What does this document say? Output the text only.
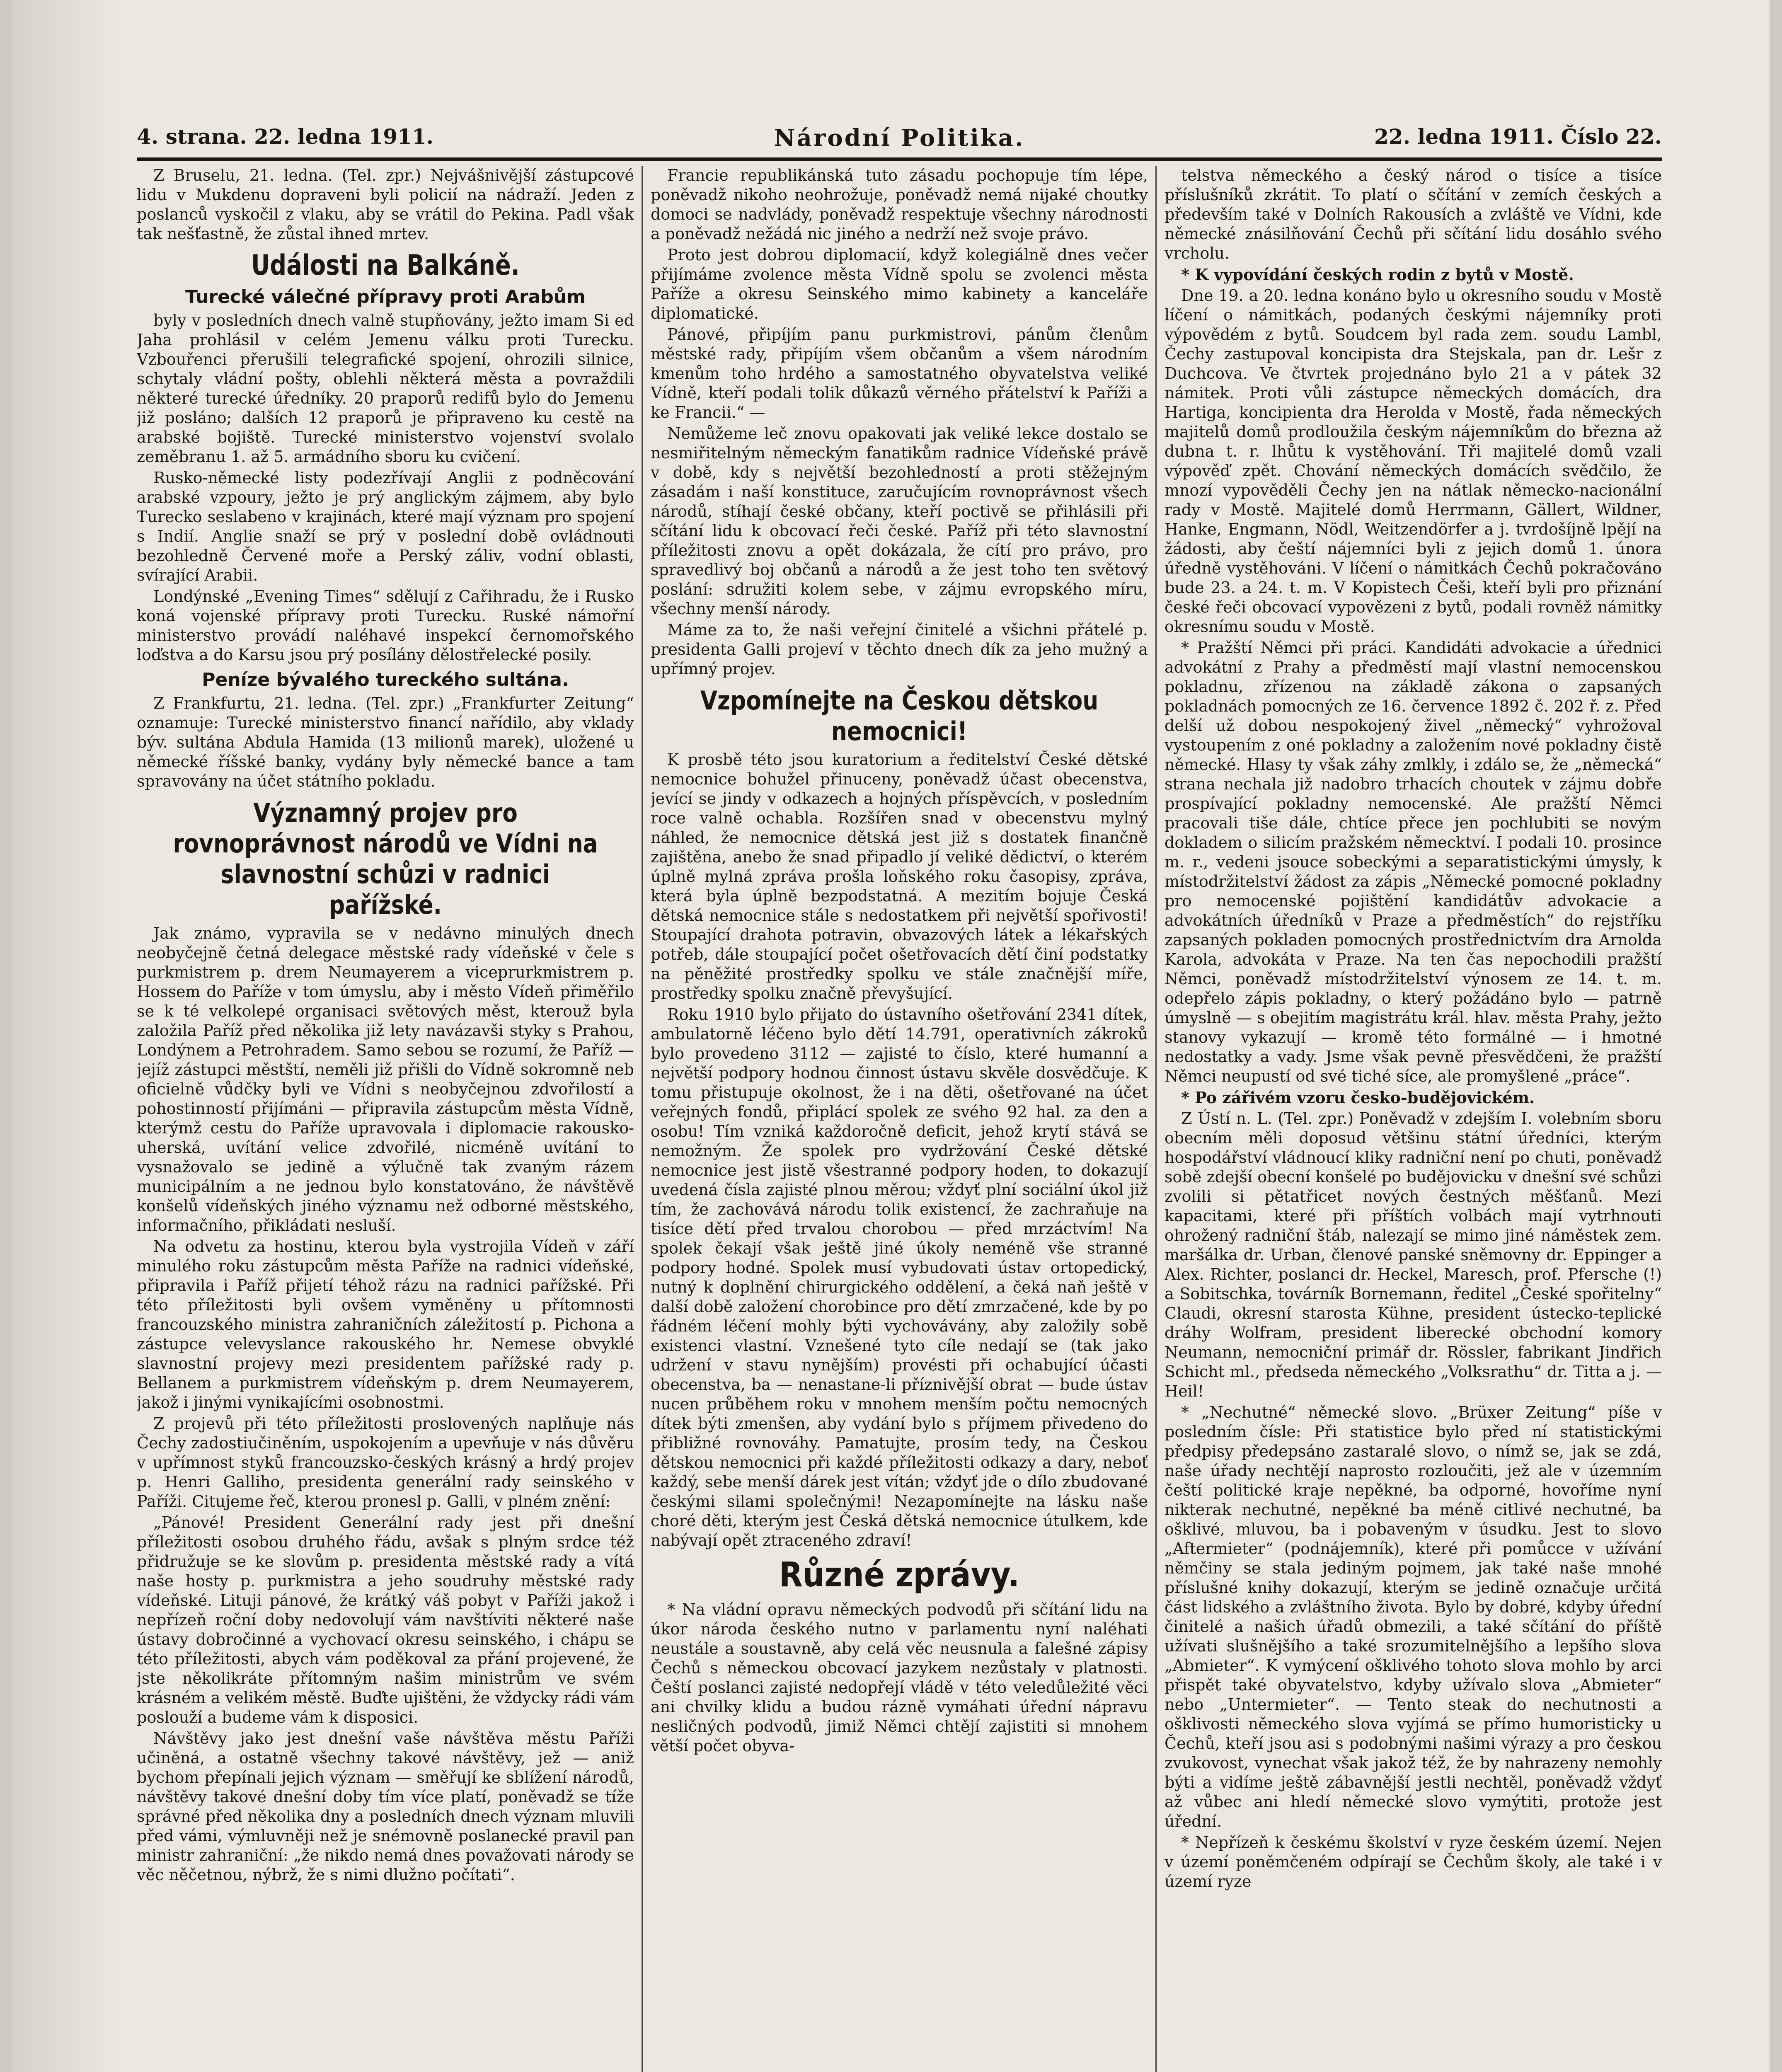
4. strana. 22. ledna 1911.	Národní Politika.	22. ledna 1911. Číslo 22.

Z Bruselu, 21. ledna. (Tel. zpr.) Nejvášnivější zástupcové lidu v Mukdenu dopraveni byli policií na nádraží. Jeden z poslanců vyskočil z vlaku, aby se vrátil do Pekina. Padl však tak nešťastně, že zůstal ihned mrtev.

Události na Balkáně.
Turecké válečné přípravy proti Arabům

byly v posledních dnech valně stupňovány, ježto imam Si ed Jaha prohlásil v celém Jemenu válku proti Turecku. Vzbouřenci přerušili telegrafické spojení, ohrozili silnice, schytaly vládní pošty, oblehli některá města a povraždili některé turecké úředníky. 20 praporů redifů bylo do Jemenu již posláno; dalších 12 praporů je připraveno ku cestě na arabské bojiště. Turecké ministerstvo vojenství svolalo zeměbranu 1. až 5. armádního sboru ku cvičení.

Rusko-německé listy podezřívají Anglii z podněcování arabské vzpoury, ježto je prý anglickým zájmem, aby bylo Turecko seslabeno v krajinách, které mají význam pro spojení s Indií. Anglie snaží se prý v poslední době ovládnouti bezohledně Červené moře a Perský záliv, vodní oblasti, svírající Arabii.

Londýnské „Evening Times“ sdělují z Cařihradu, že i Rusko koná vojenské přípravy proti Turecku. Ruské námořní ministerstvo provádí naléhavé inspekcí černomořského loďstva a do Karsu jsou prý posílány dělostřelecké posily.

Peníze bývalého tureckého sultána.

Z Frankfurtu, 21. ledna. (Tel. zpr.) „Frankfurter Zeitung“ oznamuje: Turecké ministerstvo financí nařídilo, aby vklady býv. sultána Abdula Hamida (13 milionů marek), uložené u německé říšské banky, vydány byly německé bance a tam spravovány na účet státního pokladu.

Významný projev pro rovnoprávnost národů ve Vídni na slavnostní schůzi v radnici pařížské.

Jak známo, vypravila se v nedávno minulých dnech neobyčejně četná delegace městské rady vídeňské v čele s purkmistrem p. drem Neumayerem a viceprurkmistrem p. Hossem do Paříže v tom úmyslu, aby i město Vídeň přiměřilo se k té velkolepé organisaci světových měst, kterouž byla založila Paříž před několika již lety navázavši styky s Prahou, Londýnem a Petrohradem. Samo sebou se rozumí, že Paříž — jejíž zástupci městští, neměli již přišli do Vídně sokromně neb oficielně vůdčky byli ve Vídni s neobyčejnou zdvořilostí a pohostinností přijímáni — připravila zástupcům města Vídně, kterýmž cestu do Paříže upravovala i diplomacie rakousko-uherská, uvítání velice zdvořilé, nicméně uvítání to vysnažovalo se jedině a výlučně tak zvaným rázem municipálním a ne jednou bylo konstatováno, že návštěvě konšelů vídeňských jiného významu než odborné městského, informačního, přikládati nesluší.

Na odvetu za hostinu, kterou byla vystrojila Vídeň v září minulého roku zástupcům města Paříže na radnici vídeňské, připravila i Paříž přijetí téhož rázu na radnici pařížské. Při této příležitosti byli ovšem vyměněny u přítomnosti francouzského ministra zahraničních záležitostí p. Pichona a zástupce velevyslance rakouského hr. Nemese obvyklé slavnostní projevy mezi presidentem pařížské rady p. Bellanem a purkmistrem vídeňským p. drem Neumayerem, jakož i jinými vynikajícími osobnostmi.

Z projevů při této příležitosti proslovených naplňuje nás Čechy zadostiučiněním, uspokojením a upevňuje v nás důvěru v upřímnost styků francouzsko-českých krásný a hrdý projev p. Henri Galliho, presidenta generální rady seinského v Paříži. Citujeme řeč, kterou pronesl p. Galli, v plném znění:

„Pánové! President Generální rady jest při dnešní příležitosti osobou druhého řádu, avšak s plným srdce též přidružuje se ke slovům p. presidenta městské rady a vítá naše hosty p. purkmistra a jeho soudruhy městské rady vídeňské. Lituji pánové, že krátký váš pobyt v Paříži jakož i nepřízeň roční doby nedovolují vám navštíviti některé naše ústavy dobročinné a vychovací okresu seinského, i chápu se této příležitosti, abych vám poděkoval za přání projevené, že jste několikráte přítomným našim ministrům ve svém krásném a velikém městě. Buďte ujištěni, že vždycky rádi vám poslouží a budeme vám k disposici.

Návštěvy jako jest dnešní vaše návštěva městu Paříži učiněná, a ostatně všechny takové návštěvy, jež — aniž bychom přepínali jejich význam — směřují ke sblížení národů, návštěvy takové dnešní doby tím více platí, poněvadž se tíže správné před několika dny a posledních dnech význam mluvili před vámi, výmluvněji než je snémovně poslanecké pravil pan ministr zahraniční: „že nikdo nemá dnes považovati národy se věc něčetnou, nýbrž, že s nimi dlužno počítati“.

Francie republikánská tuto zásadu pochopuje tím lépe, poněvadž nikoho neohrožuje, poněvadž nemá nijaké choutky domoci se nadvlády, poněvadž respektuje všechny národnosti a poněvadž nežádá nic jiného a nedrží než svoje právo.

Proto jest dobrou diplomacií, když kolegiálně dnes večer přijímáme zvolence města Vídně spolu se zvolenci města Paříže a okresu Seinského mimo kabinety a kanceláře diplomatické.

Pánové, připíjím panu purkmistrovi, pánům členům městské rady, připíjím všem občanům a všem národním kmenům toho hrdého a samostatného obyvatelstva veliké Vídně, kteří podali tolik důkazů věrného přátelství k Paříži a ke Francii.“ —

Nemůžeme leč znovu opakovati jak veliké lekce dostalo se nesmiřitelným německým fanatikům radnice Vídeňské právě v době, kdy s největší bezohledností a proti stěžejným zásadám i naší konstituce, zaručujícím rovnoprávnost všech národů, stíhají české občany, kteří poctivě se přihlásili při sčítání lidu k obcovací řeči české. Paříž při této slavnostní příležitosti znovu a opět dokázala, že cítí pro právo, pro spravedlivý boj občanů a národů a že jest toho ten světový poslání: sdružiti kolem sebe, v zájmu evropského míru, všechny menší národy.

Máme za to, že naši veřejní činitelé a všichni přátelé p. presidenta Galli projeví v těchto dnech dík za jeho mužný a upřímný projev.

Vzpomínejte na Českou dětskou nemocnici!

K prosbě této jsou kuratorium a ředitelství České dětské nemocnice bohužel přinuceny, poněvadž účast obecenstva, jevící se jindy v odkazech a hojných příspěvcích, v posledním roce valně ochabla. Rozšířen snad v obecenstvu mylný náhled, že nemocnice dětská jest již s dostatek finančně zajištěna, anebo že snad připadlo jí veliké dědictví, o kterém úplně mylná zpráva prošla loňského roku časopisy, zpráva, která byla úplně bezpodstatná. A mezitím bojuje Česká dětská nemocnice stále s nedostatkem při největší spořivosti! Stoupající drahota potravin, obvazových látek a lékařských potřeb, dále stoupající počet ošetřovacích dětí činí podstatky na pěněžité prostředky spolku ve stále značnější míře, prostředky spolku značně převyšující.

Roku 1910 bylo přijato do ústavního ošetřování 2341 dítek, ambulatorně léčeno bylo dětí 14.791, operativních zákroků bylo provedeno 3112 — zajisté to číslo, které humanní a největší podpory hodnou činnost ústavu skvěle dosvědčuje. K tomu přistupuje okolnost, že i na děti, ošetřované na účet veřejných fondů, připlácí spolek ze svého 92 hal. za den a osobu! Tím vzniká každoročně deficit, jehož krytí stává se nemožným. Že spolek pro vydržování České dětské nemocnice jest jistě všestranné podpory hoden, to dokazují uvedená čísla zajisté plnou měrou; vždyť plní sociální úkol již tím, že zachovává národu tolik existencí, že zachraňuje na tisíce dětí před trvalou chorobou — před mrzáctvím! Na spolek čekají však ještě jiné úkoly neméně vše stranné podpory hodné. Spolek musí vybudovati ústav ortopedický, nutný k doplnění chirurgického oddělení, a čeká naň ještě v další době založení chorobince pro dětí zmrzačené, kde by po řádném léčení mohly býti vychovávány, aby založily sobě existenci vlastní. Vznešené tyto cíle nedají se (tak jako udržení v stavu nynějším) provésti při ochabující účasti obecenstva, ba — nenastane-li příznivější obrat — bude ústav nucen průběhem roku v mnohem menším počtu nemocných dítek býti zmenšen, aby vydání bylo s příjmem přivedeno do přibližné rovnováhy. Pamatujte, prosím tedy, na Českou dětskou nemocnici při každé příležitosti odkazy a dary, neboť každý, sebe menší dárek jest vítán; vždyť jde o dílo zbudované českými silami společnými! Nezapomínejte na lásku naše choré děti, kterým jest Česká dětská nemocnice útulkem, kde nabývají opět ztraceného zdraví!

Různé zprávy.

* Na vládní opravu německých podvodů při sčítání lidu na úkor národa českého nutno v parlamentu nyní naléhati neustále a soustavně, aby celá věc neusnula a falešné zápisy Čechů s německou obcovací jazykem nezůstaly v platnosti. Čeští poslanci zajisté nedopřejí vládě v této veledůležité věci ani chvilky klidu a budou rázně vymáhati úřední nápravu nesličných podvodů, jimiž Němci chtějí zajistiti si mnohem větší počet obyva-

telstva německého a český národ o tisíce a tisíce příslušníků zkrátit. To platí o sčítání v zemích českých a především také v Dolních Rakousích a zvláště ve Vídni, kde německé znásilňování Čechů při sčítání lidu dosáhlo svého vrcholu.

* K vypovídání českých rodin z bytů v Mostě.

Dne 19. a 20. ledna konáno bylo u okresního soudu v Mostě líčení o námitkách, podaných českými nájemníky proti výpovědém z bytů. Soudcem byl rada zem. soudu Lambl, Čechy zastupoval koncipista dra Stejskala, pan dr. Lešr z Duchcova. Ve čtvrtek projednáno bylo 21 a v pátek 32 námitek. Proti vůli zástupce německých domácích, dra Hartiga, koncipienta dra Herolda v Mostě, řada německých majitelů domů prodloužila českým nájemníkům do března až dubna t. r. lhůtu k vystěhování. Tři majitelé domů vzali výpověď zpět. Chování německých domácích svědčilo, že mnozí vypověděli Čechy jen na nátlak německo-nacionální rady v Mostě. Majitelé domů Herrmann, Gällert, Wildner, Hanke, Engmann, Nödl, Weitzendörfer a j. tvrdošíjně lpějí na žádosti, aby čeští nájemníci byli z jejich domů 1. února úředně vystěhováni. V líčení o námitkách Čechů pokračováno bude 23. a 24. t. m. V Kopistech Češi, kteří byli pro přiznání české řeči obcovací vypovězeni z bytů, podali rovněž námitky okresnímu soudu v Mostě.

* Pražští Němci při práci. Kandidáti advokacie a úřednici advokátní z Prahy a předměstí mají vlastní nemocenskou pokladnu, zřízenou na základě zákona o zapsaných pokladnách pomocných ze 16. července 1892 č. 202 ř. z. Před delší už dobou nespokojený živel „německý“ vyhrožoval vystoupením z oné pokladny a založením nové pokladny čistě německé. Hlasy ty však záhy zmlkly, i zdálo se, že „německá“ strana nechala již nadobro trhacích choutek v zájmu dobře prospívající pokladny nemocenské. Ale pražští Němci pracovali tiše dále, chtíce přece jen pochlubiti se novým dokladem o silicím pražském německtví. I podali 10. prosince m. r., vedeni jsouce sobeckými a separatistickými úmysly, k místodržitelství žádost za zápis „Německé pomocné pokladny pro nemocenské pojištění kandidátův advokacie a advokátních úředníků v Praze a předměstích“ do rejstříku zapsaných pokladen pomocných prostřednictvím dra Arnolda Karola, advokáta v Praze. Na ten čas nepochodili pražští Němci, poněvadž místodržitelství výnosem ze 14. t. m. odepřelo zápis pokladny, o který požádáno bylo — patrně úmyslně — s obejitím magistrátu král. hlav. města Prahy, ježto stanovy vykazují — kromě této formálné — i hmotné nedostatky a vady. Jsme však pevně přesvědčeni, že pražští Němci neupustí od své tiché síce, ale promyšlené „práce“.

* Po zářivém vzoru česko-budějovickém.

Z Ústí n. L. (Tel. zpr.) Poněvadž v zdejším I. volebním sboru obecním měli doposud většinu státní úředníci, kterým hospodářství vládnoucí kliky radniční není po chuti, poněvadž sobě zdejší obecní konšelé po budějovicku v dnešní své schůzi zvolili si pětatřicet nových čestných měšťanů. Mezi kapacitami, které při příštích volbách mají vytrhnouti ohrožený radniční štáb, nalezají se mimo jiné náměstek zem. maršálka dr. Urban, členové panské sněmovny dr. Eppinger a Alex. Richter, poslanci dr. Heckel, Maresch, prof. Pfersche (!) a Sobitschka, továrník Bornemann, ředitel „České spořitelny“ Claudi, okresní starosta Kühne, president ústecko-teplické dráhy Wolfram, president liberecké obchodní komory Neumann, nemocniční primář dr. Rössler, fabrikant Jindřich Schicht ml., předseda německého „Volksrathu“ dr. Titta a j. — Heil!

* „Nechutné“ německé slovo. „Brüxer Zeitung“ píše v posledním čísle: Při statistice bylo před ní statistickými předpisy předepsáno zastaralé slovo, o nímž se, jak se zdá, naše úřady nechtějí naprosto rozloučiti, jež ale v územním čeští politické kraje nepěkné, ba odporné, hovoříme nyní nikterak nechutné, nepěkné ba méně citlivé nechutné, ba ošklivé, mluvou, ba i pobaveným v úsudku. Jest to slovo „Aftermieter“ (podnájemník), které při pomůcce v užívání němčiny se stala jediným pojmem, jak také naše mnohé příslušné knihy dokazují, kterým se jedině označuje určitá část lidského a zvláštního života. Bylo by dobré, kdyby úřední činitelé a našich úřadů obmezili, a také sčítání do příště užívati slušnějšího a také srozumitelnějšího a lepšího slova „Abmieter“. K vymýcení ošklivého tohoto slova mohlo by arci přispět také obyvatelstvo, kdyby užívalo slova „Abmieter“ nebo „Untermieter“. — Tento steak do nechutnosti a ošklivosti německého slova vyjímá se přímo humoristicky u Čechů, kteří jsou asi s podobnými našimi výrazy a pro českou zvukovost, vynechat však jakož též, že by nahrazeny nemohly býti a vidíme ještě zábavnější jestli nechtěl, poněvadž vždyť až vůbec ani hledí německé slovo vymýtiti, protože jest úřední.

* Nepřízeň k českému školství v ryze českém území. Nejen v území poněmčeném odpírají se Čechům školy, ale také i v území ryze
